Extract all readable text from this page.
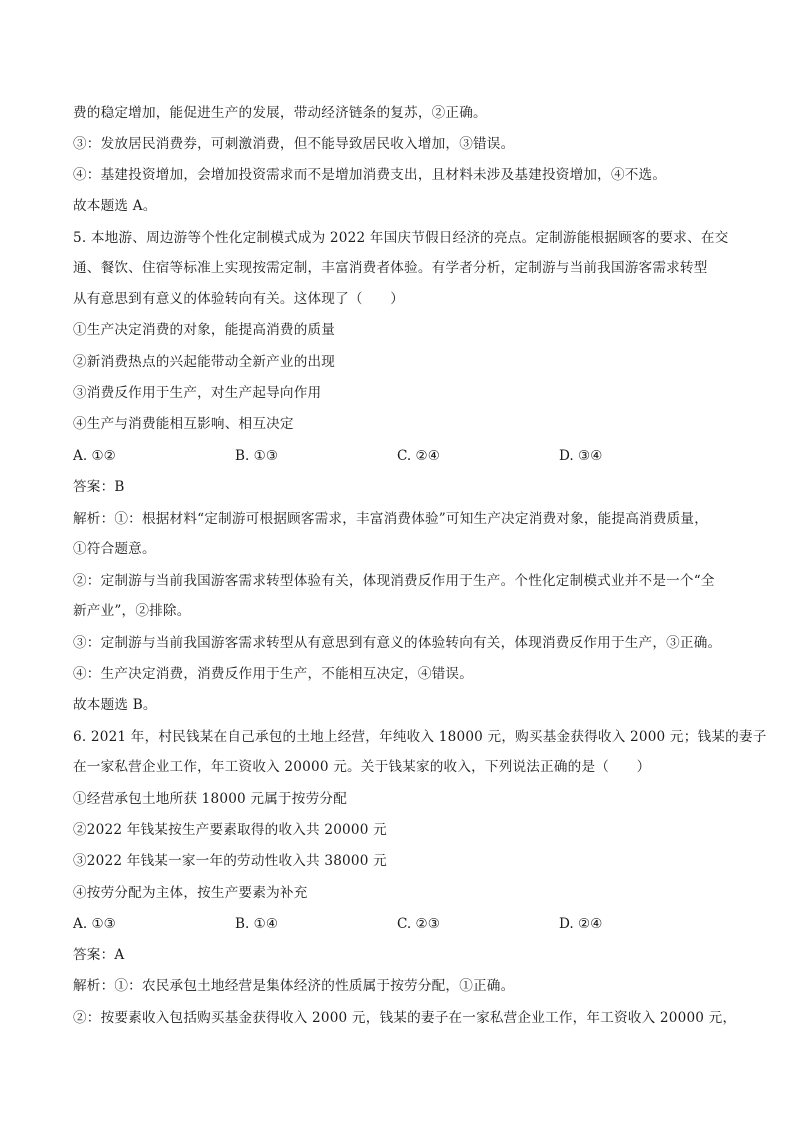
费的稳定增加，能促进生产的发展，带动经济链条的复苏，②正确。
③：发放居民消费券，可刺激消费，但不能导致居民收入增加，③错误。
④：基建投资增加，会增加投资需求而不是增加消费支出，且材料未涉及基建投资增加，④不选。
故本题选 A。
5. 本地游、周边游等个性化定制模式成为 2022 年国庆节假日经济的亮点。定制游能根据顾客的要求、在交
通、餐饮、住宿等标准上实现按需定制，丰富消费者体验。有学者分析，定制游与当前我国游客需求转型
从有意思到有意义的体验转向有关。这体现了（　　）
①生产决定消费的对象，能提高消费的质量
②新消费热点的兴起能带动全新产业的出现
③消费反作用于生产，对生产起导向作用
④生产与消费能相互影响、相互决定
A. ①②	B. ①③	C. ②④	D. ③④
答案：B
解析：①：根据材料“定制游可根据顾客需求，丰富消费体验”可知生产决定消费对象，能提高消费质量，
①符合题意。
②：定制游与当前我国游客需求转型体验有关，体现消费反作用于生产。个性化定制模式业并不是一个“全
新产业”，②排除。
③：定制游与当前我国游客需求转型从有意思到有意义的体验转向有关，体现消费反作用于生产，③正确。
④：生产决定消费，消费反作用于生产，不能相互决定，④错误。
故本题选 B。
6. 2021 年，村民钱某在自己承包的土地上经营，年纯收入 18000 元，购买基金获得收入 2000 元；钱某的妻子
在一家私营企业工作，年工资收入 20000 元。关于钱某家的收入，下列说法正确的是（　　）
①经营承包土地所获 18000 元属于按劳分配
②2022 年钱某按生产要素取得的收入共 20000 元
③2022 年钱某一家一年的劳动性收入共 38000 元
④按劳分配为主体，按生产要素为补充
A. ①③	B. ①④	C. ②③	D. ②④
答案：A
解析：①：农民承包土地经营是集体经济的性质属于按劳分配，①正确。
②：按要素收入包括购买基金获得收入 2000 元，钱某的妻子在一家私营企业工作，年工资收入 20000 元，
